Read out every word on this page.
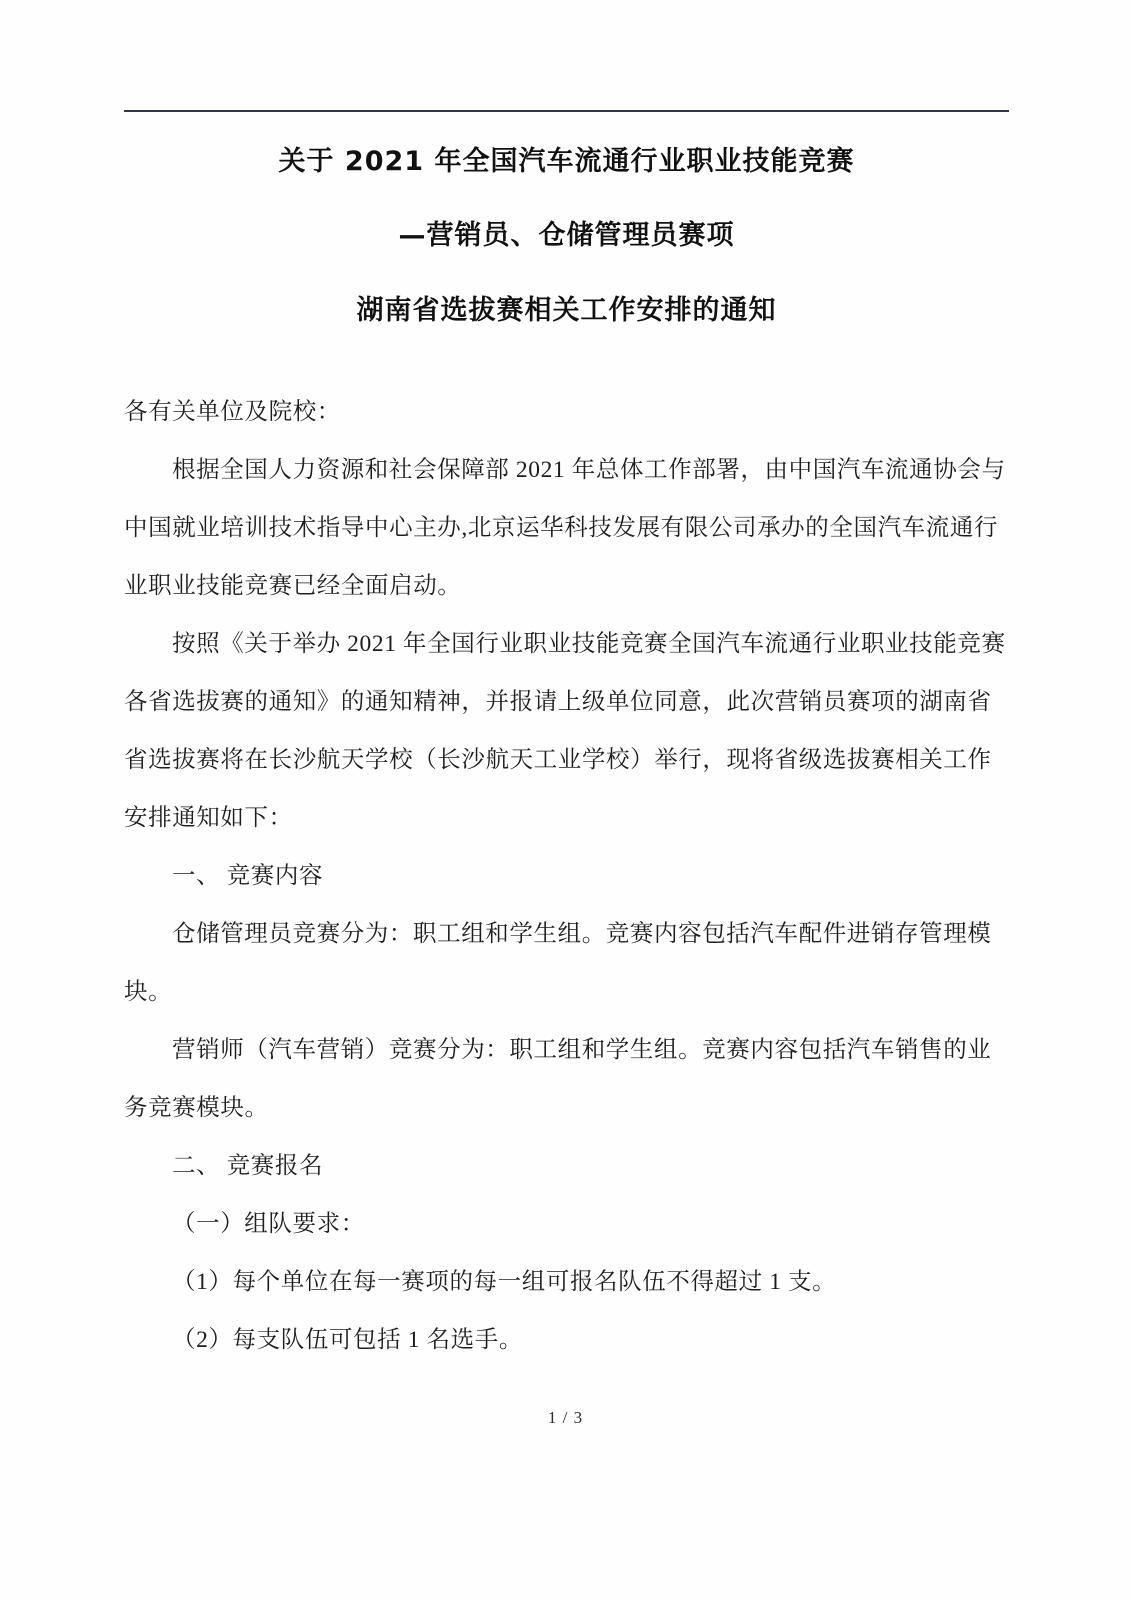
关于 2021 年全国汽车流通行业职业技能竞赛
—营销员、仓储管理员赛项
湖南省选拔赛相关工作安排的通知

各有关单位及院校：

根据全国人力资源和社会保障部 2021 年总体工作部署，由中国汽车流通协会与中国就业培训技术指导中心主办,北京运华科技发展有限公司承办的全国汽车流通行业职业技能竞赛已经全面启动。

按照《关于举办 2021 年全国行业职业技能竞赛全国汽车流通行业职业技能竞赛各省选拔赛的通知》的通知精神，并报请上级单位同意，此次营销员赛项的湖南省省选拔赛将在长沙航天学校（长沙航天工业学校）举行，现将省级选拔赛相关工作安排通知如下：

一、 竞赛内容

仓储管理员竞赛分为：职工组和学生组。竞赛内容包括汽车配件进销存管理模块。

营销师（汽车营销）竞赛分为：职工组和学生组。竞赛内容包括汽车销售的业务竞赛模块。

二、 竞赛报名

（一）组队要求：

（1）每个单位在每一赛项的每一组可报名队伍不得超过 1 支。

（2）每支队伍可包括 1 名选手。

1 / 3
